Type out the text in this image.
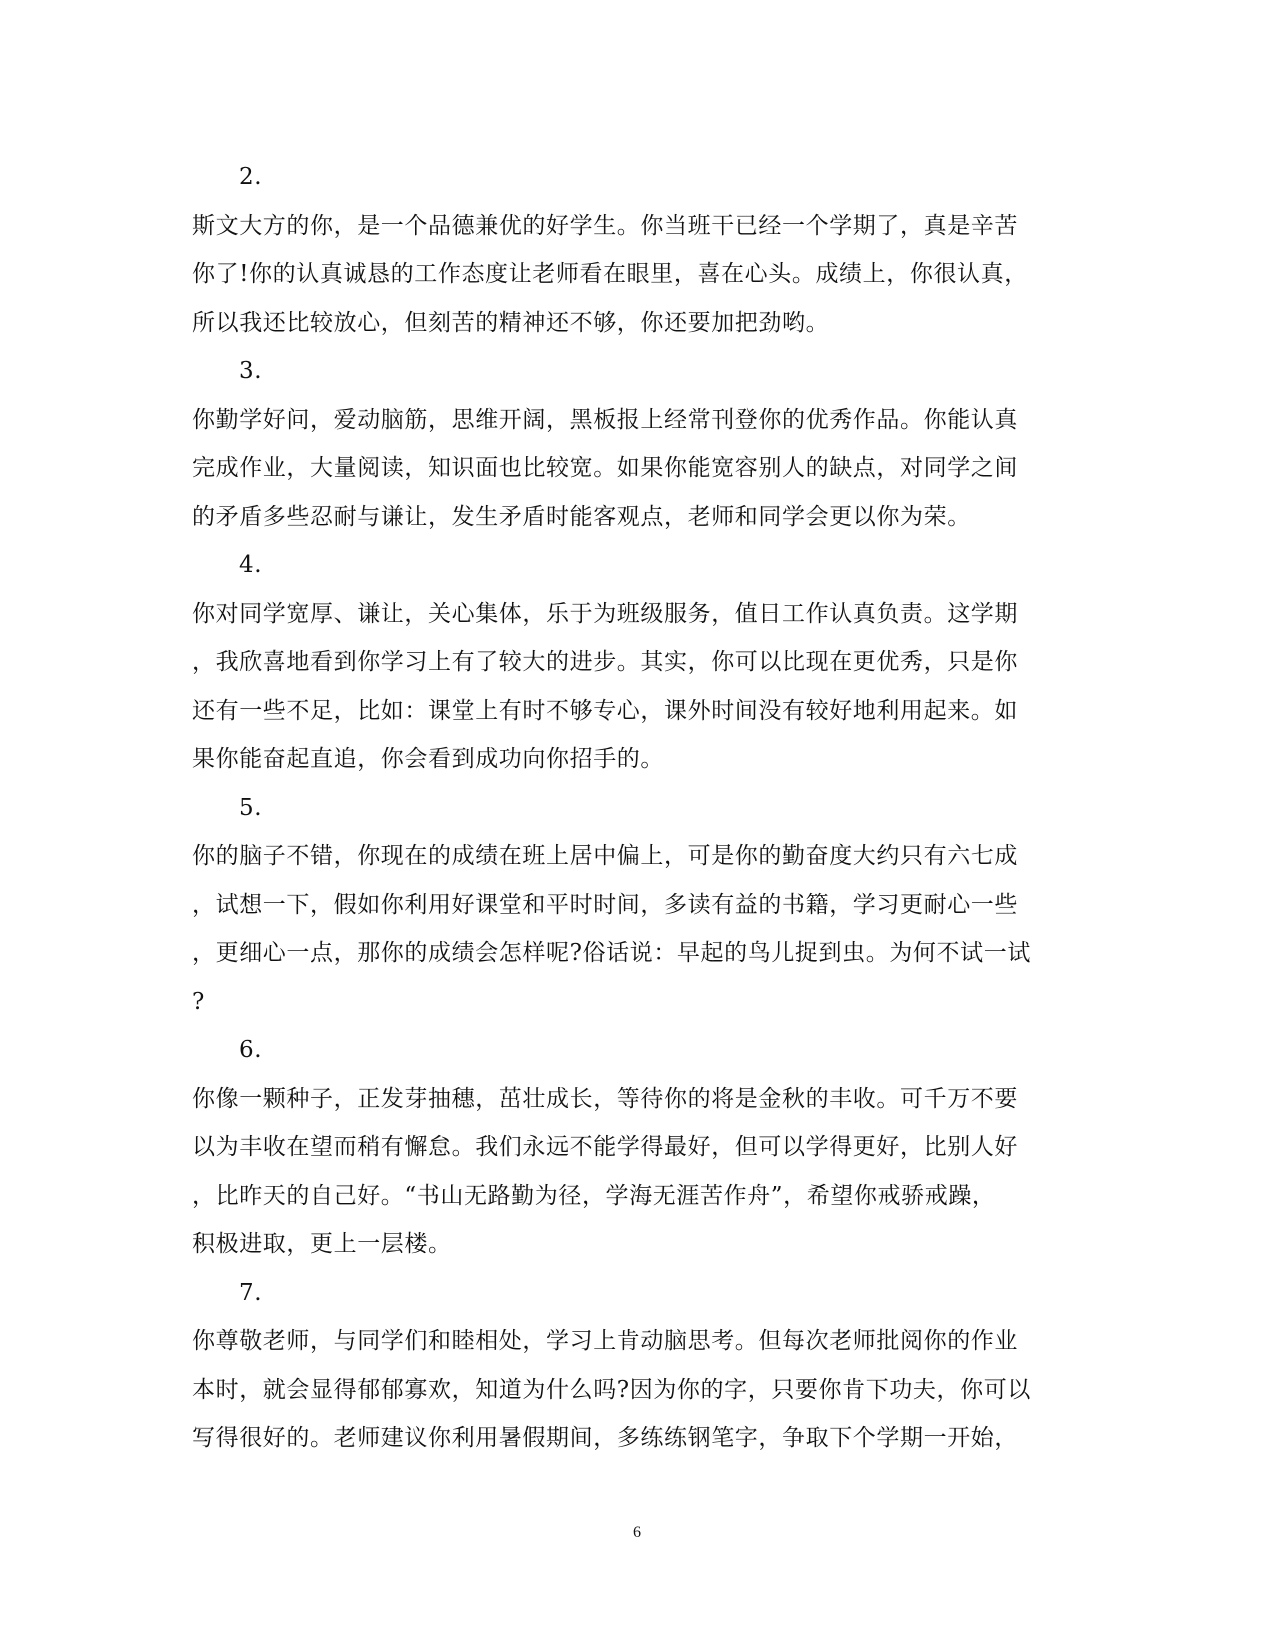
2.
斯文大方的你，是一个品德兼优的好学生。你当班干已经一个学期了，真是辛苦
你了!你的认真诚恳的工作态度让老师看在眼里，喜在心头。成绩上，你很认真，
所以我还比较放心，但刻苦的精神还不够，你还要加把劲哟。
3.
你勤学好问，爱动脑筋，思维开阔，黑板报上经常刊登你的优秀作品。你能认真
完成作业，大量阅读，知识面也比较宽。如果你能宽容别人的缺点，对同学之间
的矛盾多些忍耐与谦让，发生矛盾时能客观点，老师和同学会更以你为荣。
4.
你对同学宽厚、谦让，关心集体，乐于为班级服务，值日工作认真负责。这学期
，我欣喜地看到你学习上有了较大的进步。其实，你可以比现在更优秀，只是你
还有一些不足，比如：课堂上有时不够专心，课外时间没有较好地利用起来。如
果你能奋起直追，你会看到成功向你招手的。
5.
你的脑子不错，你现在的成绩在班上居中偏上，可是你的勤奋度大约只有六七成
，试想一下，假如你利用好课堂和平时时间，多读有益的书籍，学习更耐心一些
，更细心一点，那你的成绩会怎样呢?俗话说：早起的鸟儿捉到虫。为何不试一试
?
6.
你像一颗种子，正发芽抽穗，茁壮成长，等待你的将是金秋的丰收。可千万不要
以为丰收在望而稍有懈怠。我们永远不能学得最好，但可以学得更好，比别人好
，比昨天的自己好。“书山无路勤为径，学海无涯苦作舟”，希望你戒骄戒躁，
积极进取，更上一层楼。
7.
你尊敬老师，与同学们和睦相处，学习上肯动脑思考。但每次老师批阅你的作业
本时，就会显得郁郁寡欢，知道为什么吗?因为你的字，只要你肯下功夫，你可以
写得很好的。老师建议你利用暑假期间，多练练钢笔字，争取下个学期一开始，
6
